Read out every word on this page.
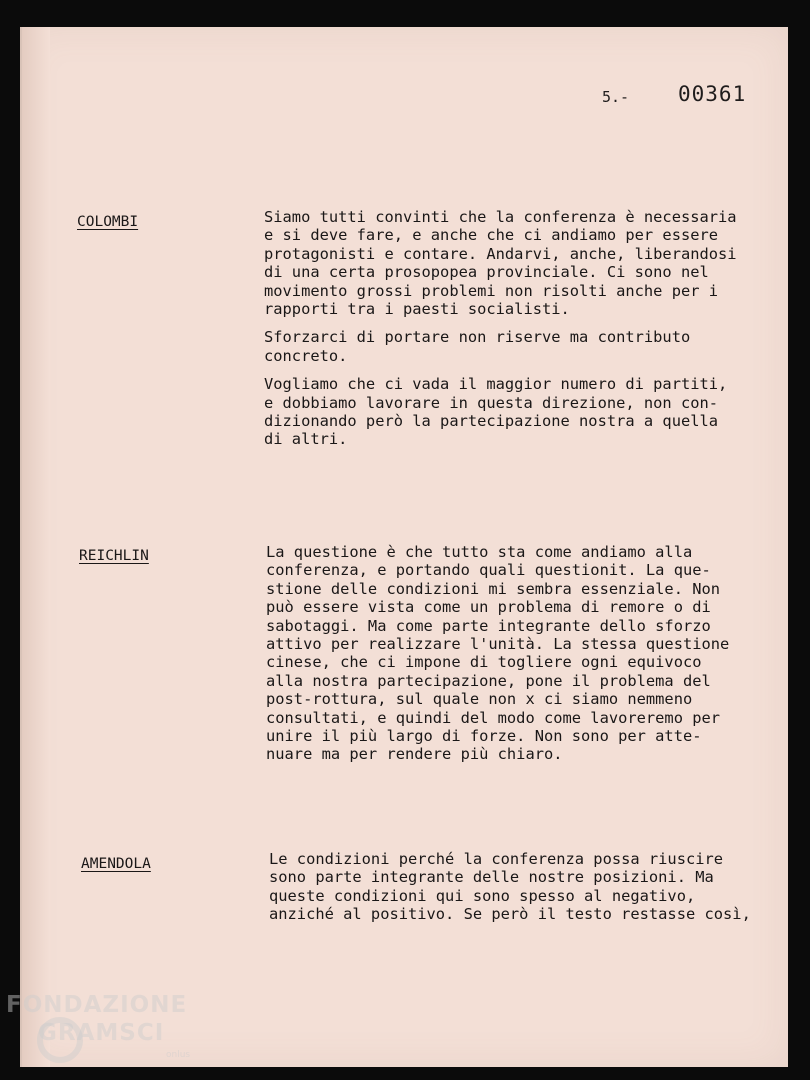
5.- 00361
COLOMBI	Siamo tutti convinti che la conferenza è necessaria
e si deve fare, e anche che ci andiamo per essere
protagonisti e contare. Andarvi, anche, liberandosi
di una certa prosopopea provinciale. Ci sono nel
movimento grossi problemi non risolti anche per i
rapporti tra i paesti socialisti.

Sforzarci di portare non riserve ma contributo
concreto.

Vogliamo che ci vada il maggior numero di partiti,
e dobbiamo lavorare in questa direzione, non con-
dizionando però la partecipazione nostra a quella
di altri.

REICHLIN	La questione è che tutto sta come andiamo alla
conferenza, e portando quali questionit. La que-
stione delle condizioni mi sembra essenziale. Non
può essere vista come un problema di remore o di
sabotaggi. Ma come parte integrante dello sforzo
attivo per realizzare l'unità. La stessa questione
cinese, che ci impone di togliere ogni equivoco
alla nostra partecipazione, pone il problema del
post-rottura, sul quale non x ci siamo nemmeno
consultati, e quindi del modo come lavoreremo per
unire il più largo di forze. Non sono per atte-
nuare ma per rendere più chiaro.

AMENDOLA	Le condizioni perché la conferenza possa riuscire
sono parte integrante delle nostre posizioni. Ma
queste condizioni qui sono spesso al negativo,
anziché al positivo. Se però il testo restasse così,

FONDAZIONE
GRAMSCI
onlus
